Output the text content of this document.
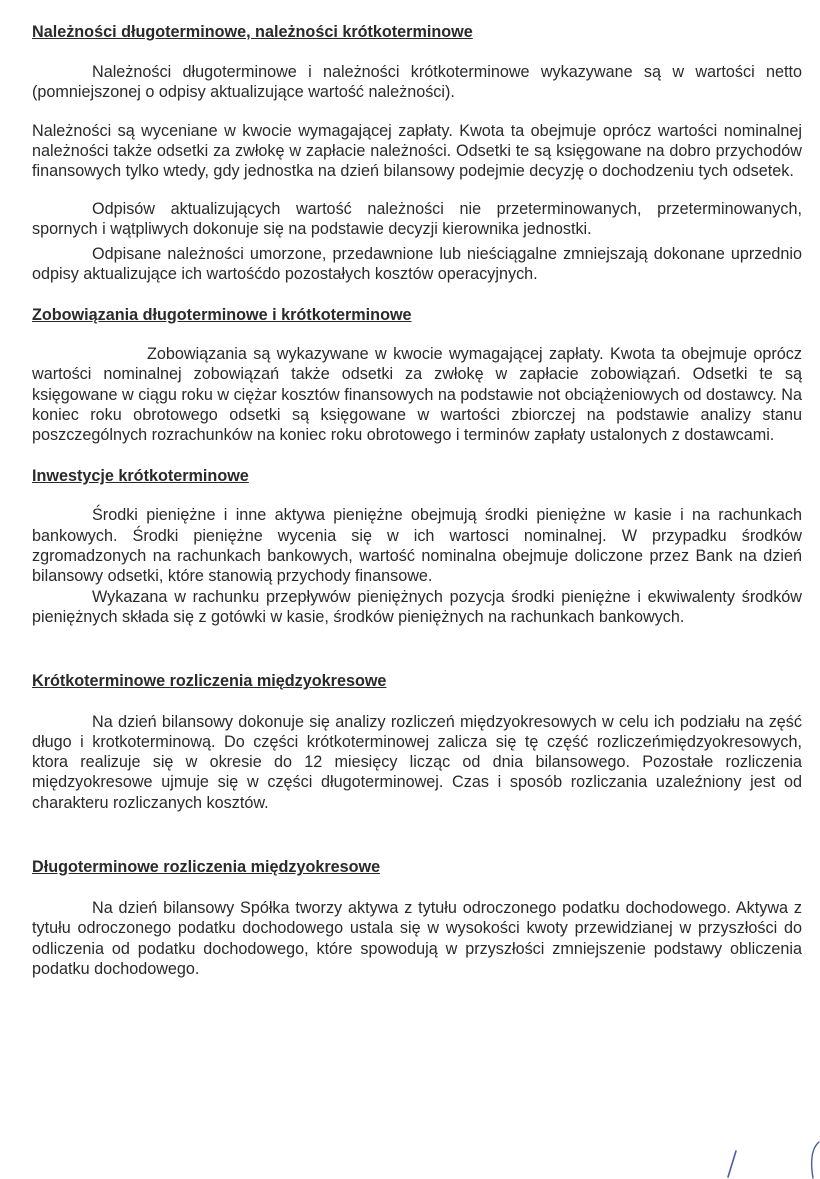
Należności długoterminowe, należności krótkoterminowe

Należności długoterminowe i należności krótkoterminowe wykazywane są w wartości netto (pomniejszonej o odpisy aktualizujące wartość należności).

Należności są wyceniane w kwocie wymagającej zapłaty. Kwota ta obejmuje oprócz wartości nominalnej należności także odsetki za zwłokę w zapłacie należności. Odsetki te są księgowane na dobro przychodów finansowych tylko wtedy, gdy jednostka na dzień bilansowy podejmie decyzję o dochodzeniu tych odsetek.

Odpisów aktualizujących wartość należności nie przeterminowanych, przeterminowanych, spornych i wątpliwych dokonuje się na podstawie decyzji kierownika jednostki.

Odpisane należności umorzone, przedawnione lub nieściągalne zmniejszają dokonane uprzednio odpisy aktualizujące ich wartośćdo pozostałych kosztów operacyjnych.

Zobowiązania długoterminowe i krótkoterminowe

Zobowiązania są wykazywane w kwocie wymagającej zapłaty. Kwota ta obejmuje oprócz wartości nominalnej zobowiązań także odsetki za zwłokę w zapłacie zobowiązań. Odsetki te są księgowane w ciągu roku w ciężar kosztów finansowych na podstawie not obciążeniowych od dostawcy. Na koniec roku obrotowego odsetki są księgowane w wartości zbiorczej na podstawie analizy stanu poszczególnych rozrachunków na koniec roku obrotowego i terminów zapłaty ustalonych z dostawcami.

Inwestycje krótkoterminowe

Środki pieniężne i inne aktywa pieniężne obejmują środki pieniężne w kasie i na rachunkach bankowych. Środki pieniężne wycenia się w ich wartosci nominalnej. W przypadku środków zgromadzonych na rachunkach bankowych, wartość nominalna obejmuje doliczone przez Bank na dzień bilansowy odsetki, które stanowią przychody finansowe.

Wykazana w rachunku przepływów pieniężnych pozycja środki pieniężne i ekwiwalenty środków pieniężnych składa się z gotówki w kasie, środków pieniężnych na rachunkach bankowych.

Krótkoterminowe rozliczenia międzyokresowe

Na dzień bilansowy dokonuje się analizy rozliczeń międzyokresowych w celu ich podziału na zęść długo i krotkoterminową. Do części krótkoterminowej zalicza się tę część rozliczeńmiędzyokresowych, ktora realizuje się w okresie do 12 miesięcy licząc od dnia bilansowego. Pozostałe rozliczenia międzyokresowe ujmuje się w części długoterminowej. Czas i sposób rozliczania uzaleźniony jest od charakteru rozliczanych kosztów.

Długoterminowe rozliczenia międzyokresowe

Na dzień bilansowy Spółka tworzy aktywa z tytułu odroczonego podatku dochodowego. Aktywa z tytułu odroczonego podatku dochodowego ustala się w wysokości kwoty przewidzianej w przyszłości do odliczenia od podatku dochodowego, które spowodują w przyszłości zmniejszenie podstawy obliczenia podatku dochodowego.
